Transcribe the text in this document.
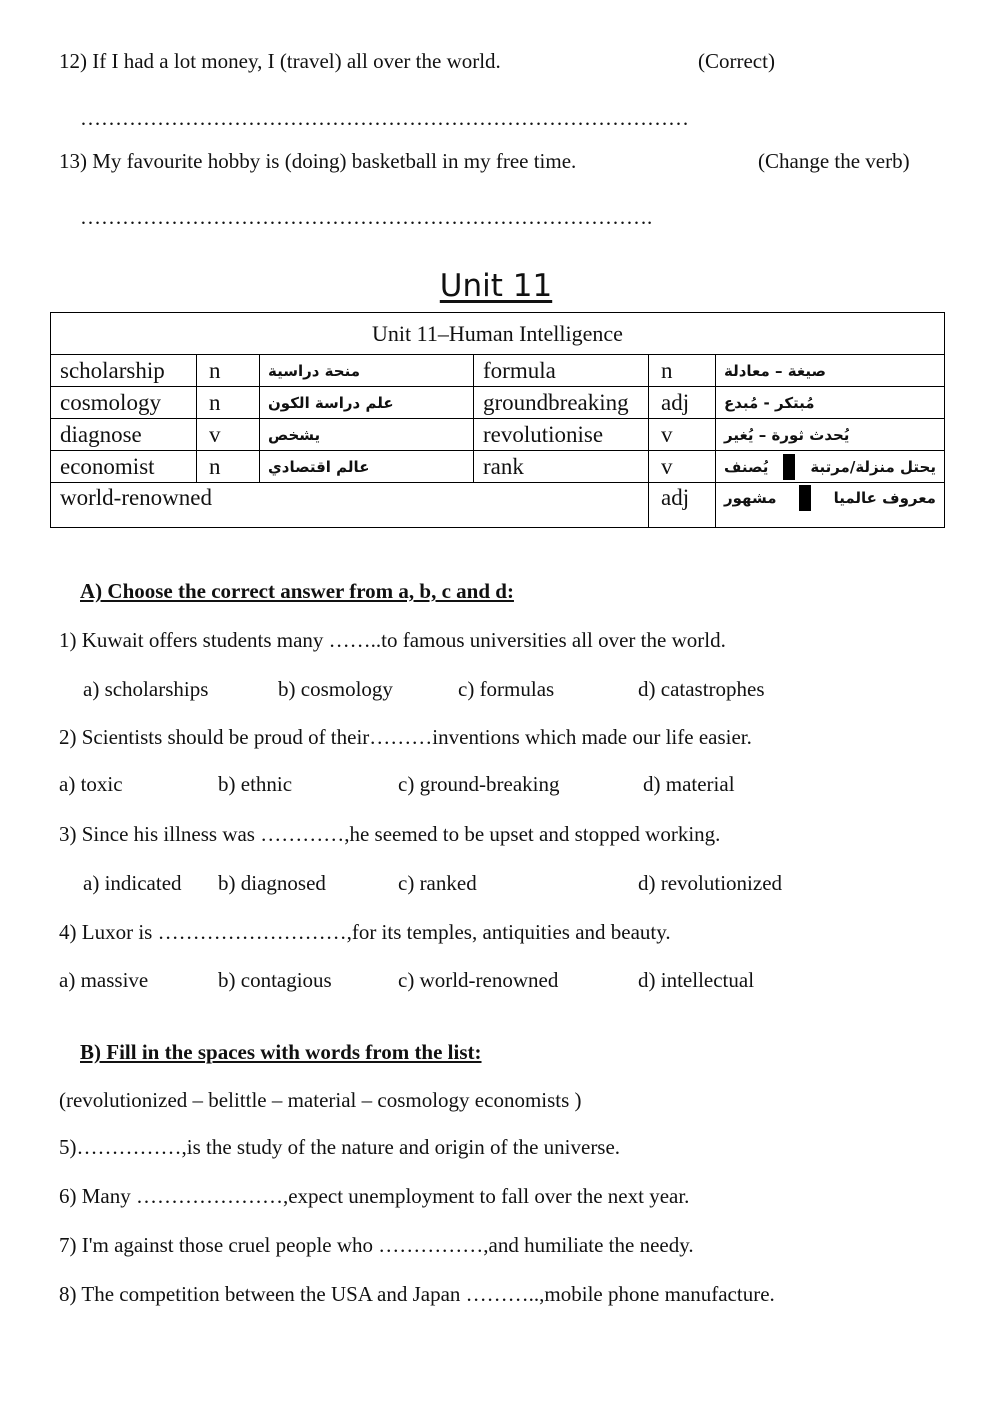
12) If I had a lot money, I (travel) all over the world.	(Correct)
……………………………………………………………………………
13) My favourite hobby is (doing) basketball in my free time.	(Change the verb)
……………………………………………………………………….
Unit 11
Unit 11–Human Intelligence					
scholarship	n	منحة دراسية	formula	n	صيغة – معادلة
cosmology	n	علم دراسة الكون	groundbreaking	adj	مُبتكر - مُبدع
diagnose	v	يشخص	revolutionise	v	يُحدث ثورة – يُغير
economist	n	عالم اقتصادي	rank	v	يُصنف يحتل منزلة/مرتبة

world-renowned				adj	مشهور معروف عالميا
A) Choose the correct answer from a, b, c and d:
1) Kuwait offers students many ……..to famous universities all over the world.
a) scholarships	b) cosmology	c) formulas	d) catastrophes
2) Scientists should be proud of their………inventions which made our life easier.
a) toxic	b) ethnic	c) ground-breaking	d) material
3) Since his illness was …………,he seemed to be upset and stopped working.
a) indicated b) diagnosed	c) ranked	d) revolutionized
4) Luxor is ………………………,for its temples, antiquities and beauty.
a) massive	b) contagious	c) world-renowned	d) intellectual
B) Fill in the spaces with words from the list:
(revolutionized – belittle – material – cosmology economists )
5)……………,is the study of the nature and origin of the universe.
6) Many …………………,expect unemployment to fall over the next year.
7) I'm against those cruel people who ……………,and humiliate the needy.
8) The competition between the USA and Japan ………..,mobile phone manufacture.
